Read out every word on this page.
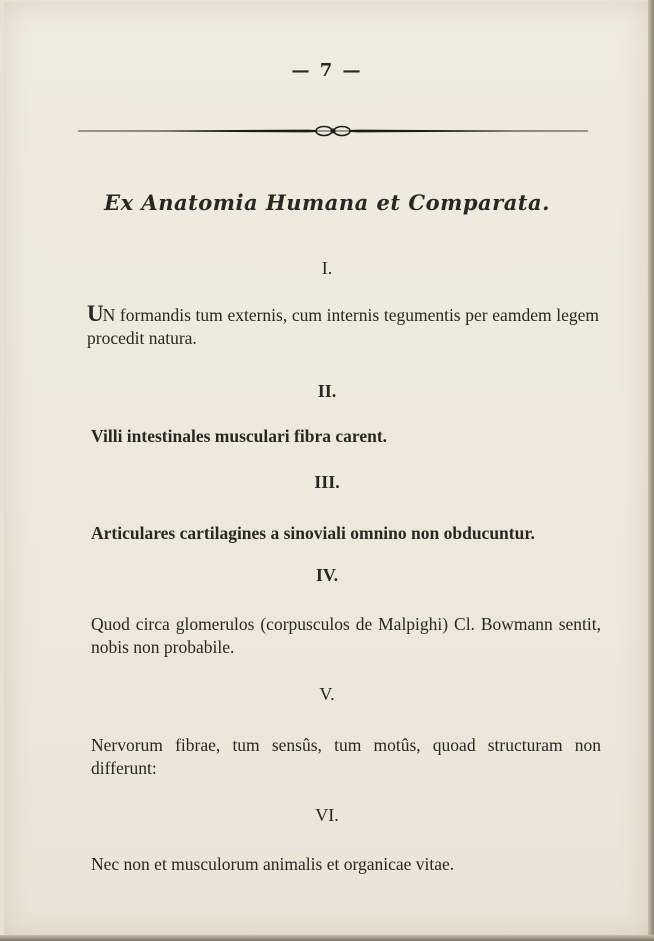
— 7 —
Ex Anatomia Humana et Comparata.
I.
UN formandis tum externis, cum internis tegumentis per eamdem legem procedit natura.
II.
Villi intestinales musculari fibra carent.
III.
Articulares cartilagines a sinoviali omnino non obducuntur.
IV.
Quod circa glomerulos (corpusculos de Malpighi) Cl. Bowmann sentit, nobis non probabile.
V.
Nervorum fibrae, tum sensûs, tum motûs, quoad structuram non differunt:
VI.
Nec non et musculorum animalis et organicae vitae.
